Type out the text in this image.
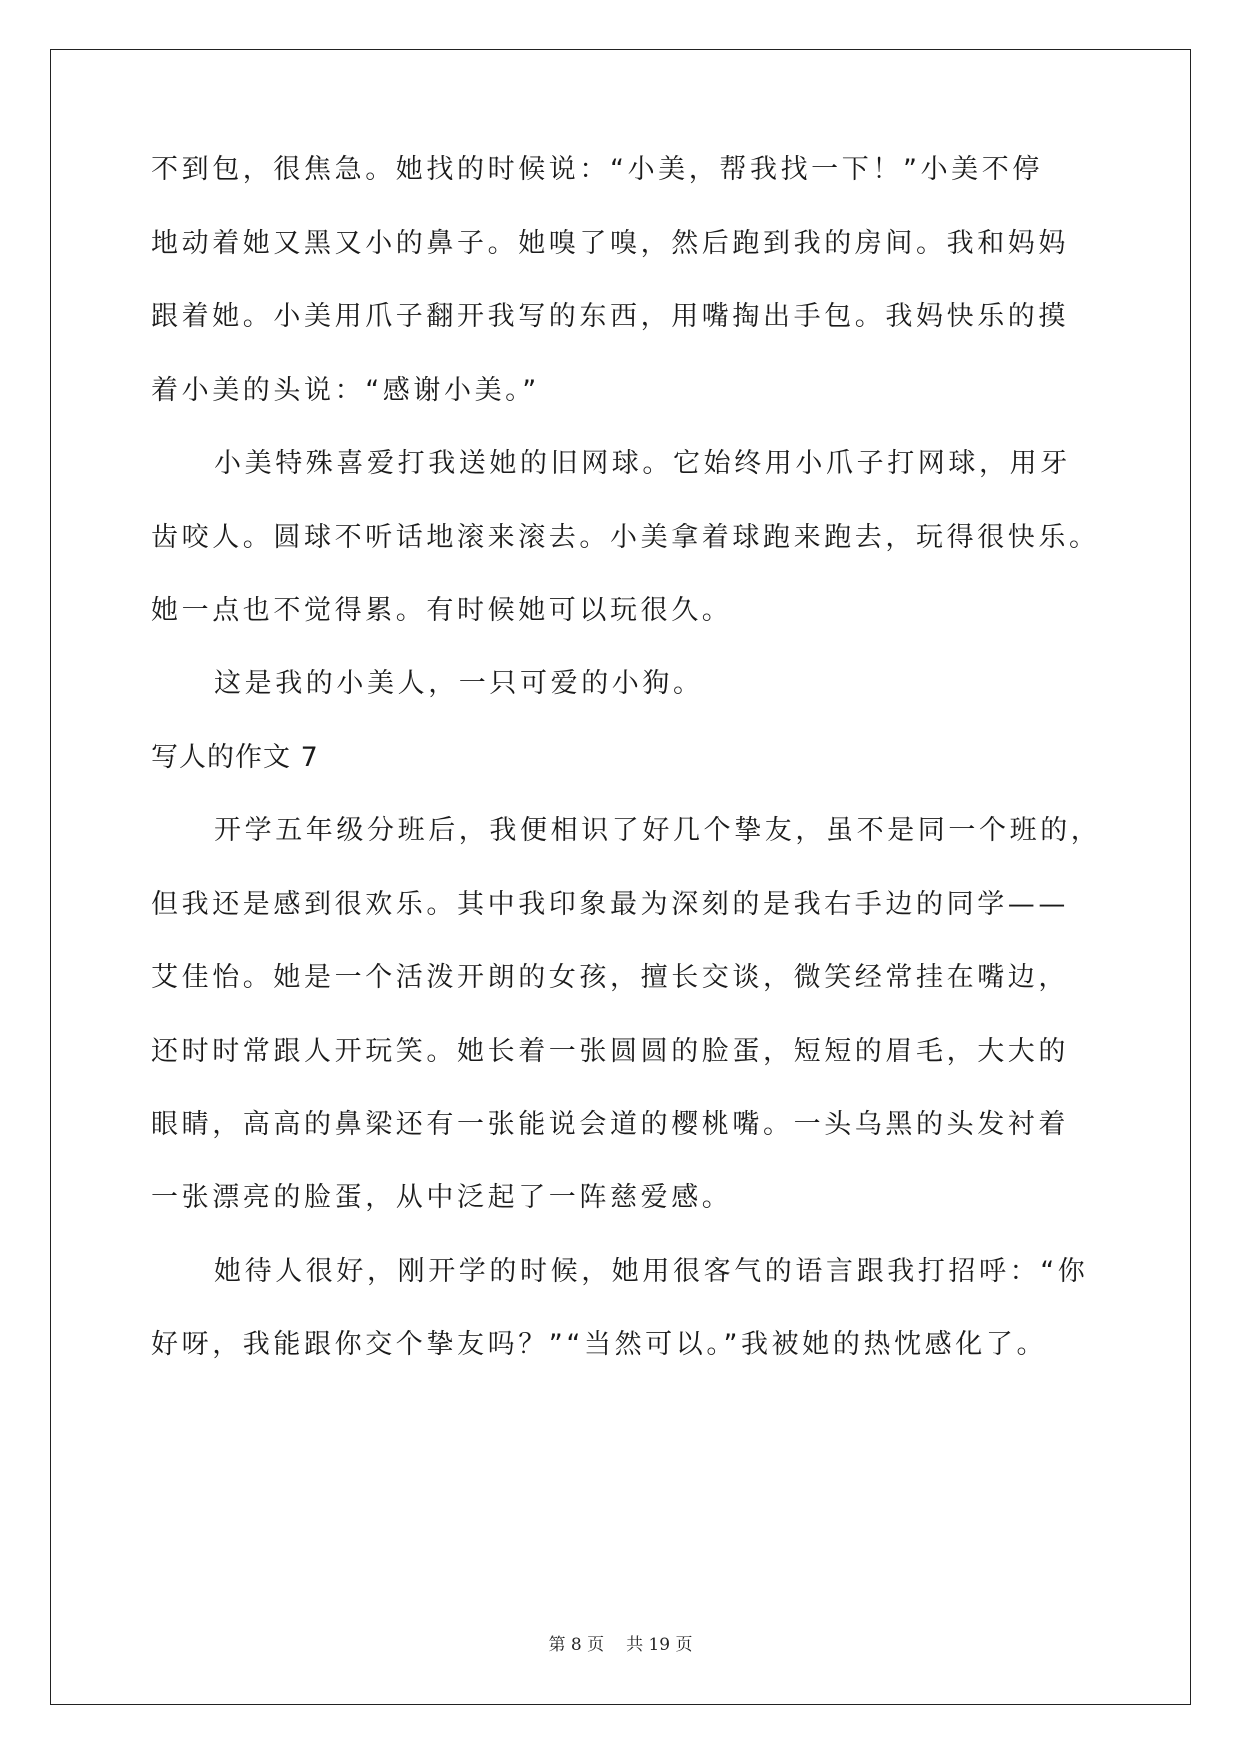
不到包，很焦急。她找的时候说：“小美，帮我找一下！”小美不停
地动着她又黑又小的鼻子。她嗅了嗅，然后跑到我的房间。我和妈妈
跟着她。小美用爪子翻开我写的东西，用嘴掏出手包。我妈快乐的摸
着小美的头说：“感谢小美。”
小美特殊喜爱打我送她的旧网球。它始终用小爪子打网球，用牙
齿咬人。圆球不听话地滚来滚去。小美拿着球跑来跑去，玩得很快乐。
她一点也不觉得累。有时候她可以玩很久。
这是我的小美人，一只可爱的小狗。
写人的作文 7
开学五年级分班后，我便相识了好几个挚友，虽不是同一个班的，
但我还是感到很欢乐。其中我印象最为深刻的是我右手边的同学——
艾佳怡。她是一个活泼开朗的女孩，擅长交谈，微笑经常挂在嘴边，
还时时常跟人开玩笑。她长着一张圆圆的脸蛋，短短的眉毛，大大的
眼睛，高高的鼻梁还有一张能说会道的樱桃嘴。一头乌黑的头发衬着
一张漂亮的脸蛋，从中泛起了一阵慈爱感。
她待人很好，刚开学的时候，她用很客气的语言跟我打招呼：“你
好呀，我能跟你交个挚友吗？”“当然可以。”我被她的热忱感化了。
第 8 页 共 19 页
